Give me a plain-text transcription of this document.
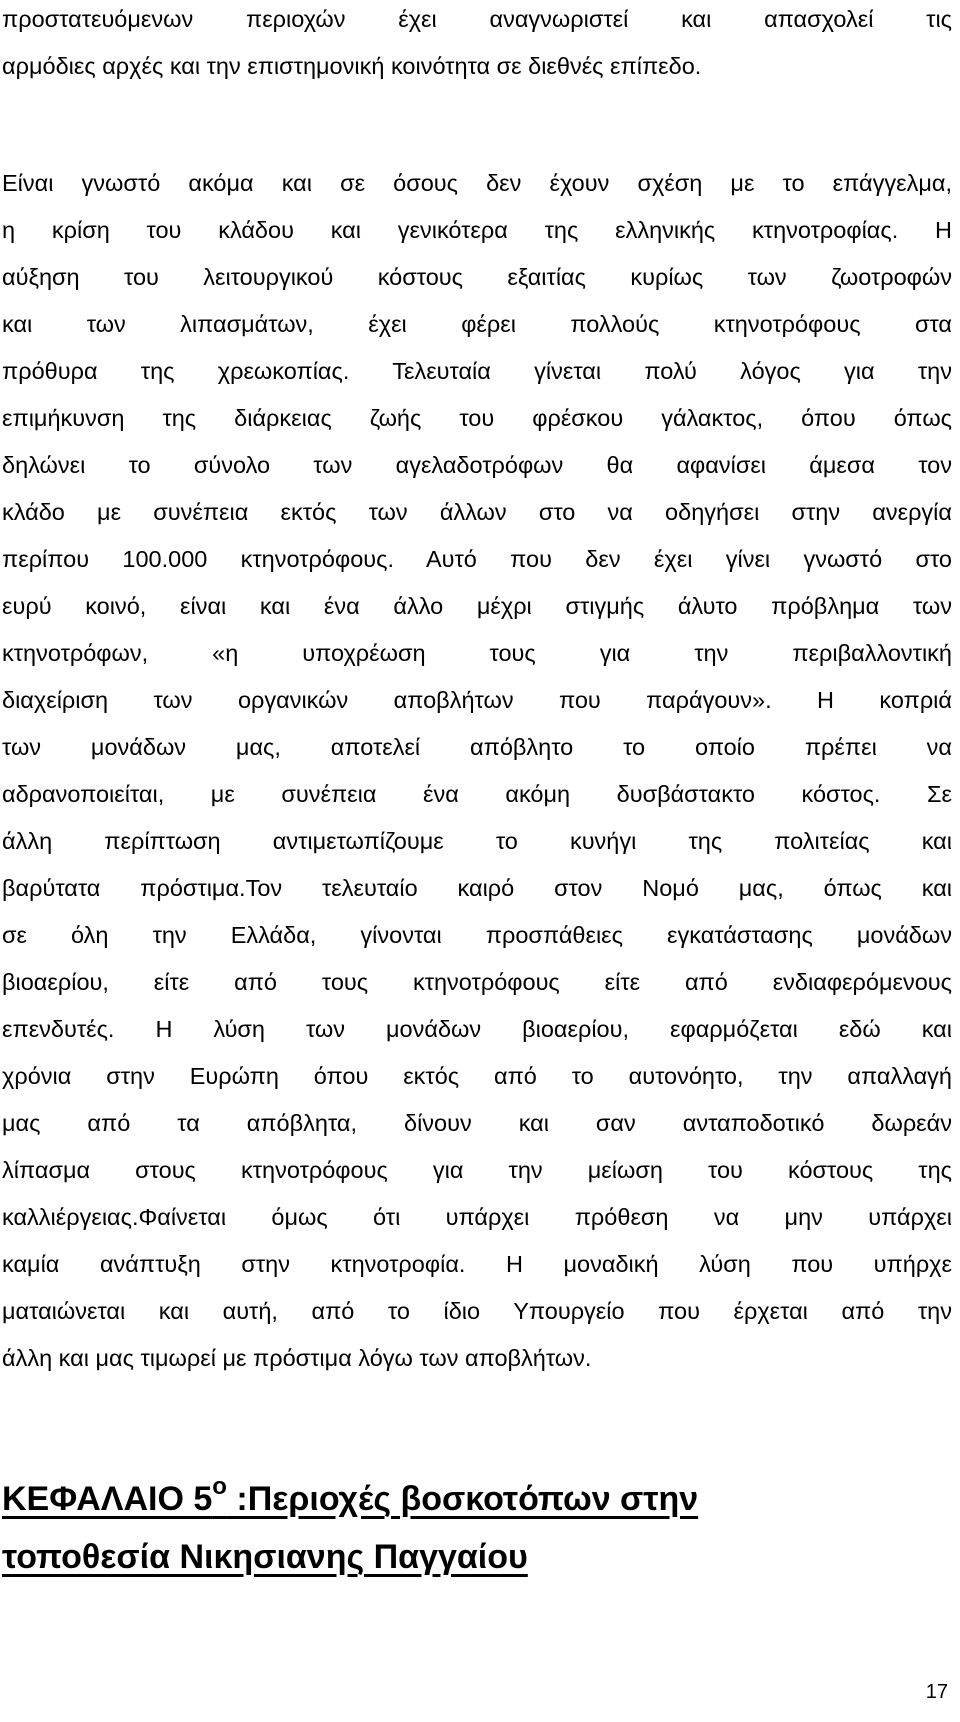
προστατευόμενων περιοχών έχει αναγνωριστεί και απασχολεί τις
αρμόδιες αρχές και την επιστημονική κοινότητα σε διεθνές επίπεδο.
Είναι γνωστό ακόμα και σε όσους δεν έχουν σχέση με το επάγγελμα,
η κρίση του κλάδου και γενικότερα της ελληνικής κτηνοτροφίας. Η
αύξηση του λειτουργικού κόστους εξαιτίας κυρίως των ζωοτροφών
και των λιπασμάτων, έχει φέρει πολλούς κτηνοτρόφους στα
πρόθυρα της χρεωκοπίας. Τελευταία γίνεται πολύ λόγος για την
επιμήκυνση της διάρκειας ζωής του φρέσκου γάλακτος, όπου όπως
δηλώνει το σύνολο των αγελαδοτρόφων θα αφανίσει άμεσα τον
κλάδο με συνέπεια εκτός των άλλων στο να οδηγήσει στην ανεργία
περίπου 100.000 κτηνοτρόφους. Αυτό που δεν έχει γίνει γνωστό στο
ευρύ κοινό, είναι και ένα άλλο μέχρι στιγμής άλυτο πρόβλημα των
κτηνοτρόφων, «η υποχρέωση τους για την περιβαλλοντική
διαχείριση των οργανικών αποβλήτων που παράγουν». Η κοπριά
των μονάδων μας, αποτελεί απόβλητο το οποίο πρέπει να
αδρανοποιείται, με συνέπεια ένα ακόμη δυσβάστακτο κόστος. Σε
άλλη περίπτωση αντιμετωπίζουμε το κυνήγι της πολιτείας και
βαρύτατα πρόστιμα.Τον τελευταίο καιρό στον Νομό μας, όπως και
σε όλη την Ελλάδα, γίνονται προσπάθειες εγκατάστασης μονάδων
βιοαερίου, είτε από τους κτηνοτρόφους είτε από ενδιαφερόμενους
επενδυτές. Η λύση των μονάδων βιοαερίου, εφαρμόζεται εδώ και
χρόνια στην Ευρώπη όπου εκτός από το αυτονόητο, την απαλλαγή
μας από τα απόβλητα, δίνουν και σαν ανταποδοτικό δωρεάν
λίπασμα στους κτηνοτρόφους για την μείωση του κόστους της
καλλιέργειας.Φαίνεται όμως ότι υπάρχει πρόθεση να μην υπάρχει
καμία ανάπτυξη στην κτηνοτροφία. Η μοναδική λύση που υπήρχε
ματαιώνεται και αυτή, από το ίδιο Υπουργείο που έρχεται από την
άλλη και μας τιμωρεί με πρόστιμα λόγω των αποβλήτων.
ΚΕΦΑΛΑΙΟ $5^o$ :Περιοχές βοσκοτόπων στην
τοποθεσία Νικησιανης Παγγαίου
17
